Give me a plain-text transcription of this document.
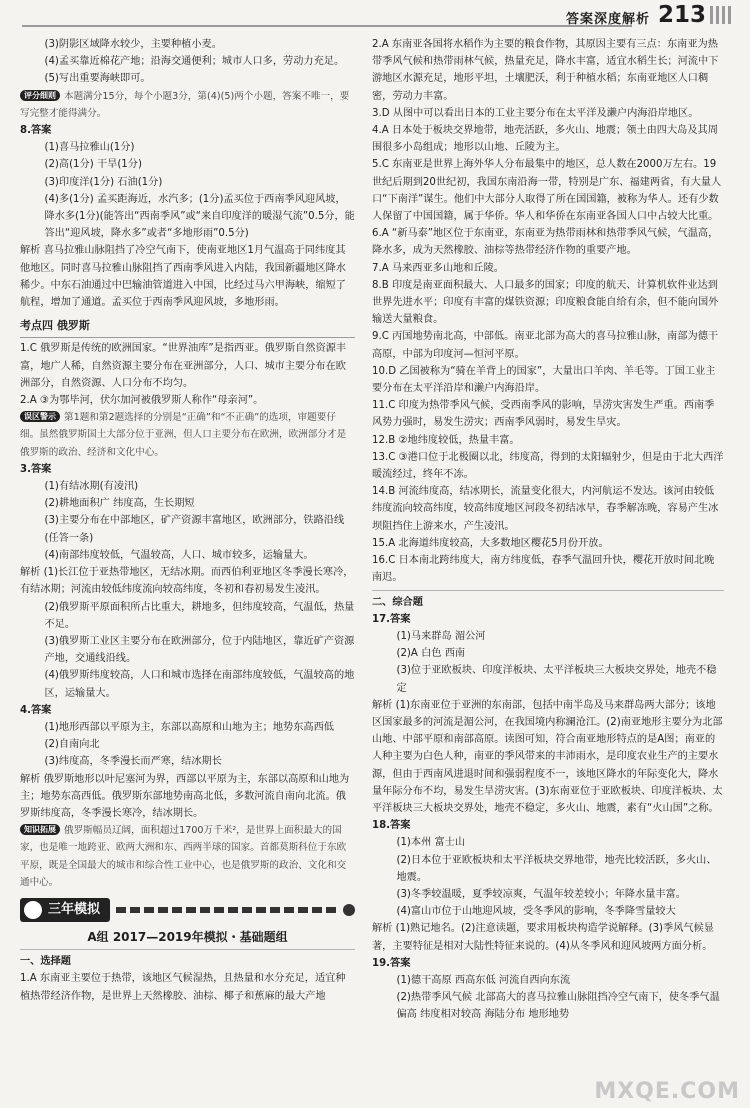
答案深度解析 213

(3)阴影区域降水较少，主要种植小麦。

(4)孟买靠近棉花产地；沿海交通便利；城市人口多，劳动力充足。

(5)写出重要海峡即可。

评分细则 本题满分15分，每个小题3分，第(4)(5)两个小题，答案不唯一，要写完整才能得满分。

8.答案

(1)喜马拉雅山(1分)

(2)高(1分) 干旱(1分)

(3)印度洋(1分) 石油(1分)

(4)多(1分) 孟买距海近，水汽多；(1分)孟买位于西南季风迎风坡，降水多(1分)(能答出“西南季风”或“来自印度洋的暖湿气流”0.5分，能答出“迎风坡，降水多”或者“多地形雨”0.5分)

解析 喜马拉雅山脉阻挡了冷空气南下，使南亚地区1月气温高于同纬度其他地区。同时喜马拉雅山脉阻挡了西南季风进入内陆，我国新疆地区降水稀少。中东石油通过中巴输油管道进入中国，比经过马六甲海峡，缩短了航程，增加了通道。孟买位于西南季风迎风坡，多地形雨。

考点四 俄罗斯

1.C 俄罗斯是传统的欧洲国家。“世界油库”是指西亚。俄罗斯自然资源丰富，地广人稀，自然资源主要分布在亚洲部分，人口、城市主要分布在欧洲部分，自然资源、人口分布不均匀。

2.A ③为鄂毕河，伏尔加河被俄罗斯人称作“母亲河”。

误区警示 第1题和第2题选择的分别是“正确”和“不正确”的选项，审题要仔细。虽然俄罗斯国土大部分位于亚洲，但人口主要分布在欧洲，欧洲部分才是俄罗斯的政治、经济和文化中心。

3.答案

(1)有结冰期(有凌汛)

(2)耕地面积广 纬度高，生长期短

(3)主要分布在中部地区，矿产资源丰富地区，欧洲部分，铁路沿线(任答一条)

(4)南部纬度较低，气温较高，人口、城市较多，运输量大。

解析 (1)长江位于亚热带地区，无结冰期。而西伯利亚地区冬季漫长寒冷，有结冰期；河流由较低纬度流向较高纬度，冬初和春初易发生凌汛。

(2)俄罗斯平原面积所占比重大，耕地多，但纬度较高，气温低，热量不足。

(3)俄罗斯工业区主要分布在欧洲部分，位于内陆地区，靠近矿产资源产地，交通线沿线。

(4)俄罗斯纬度较高，人口和城市选择在南部纬度较低，气温较高的地区，运输量大。

4.答案

(1)地形西部以平原为主，东部以高原和山地为主；地势东高西低

(2)自南向北

(3)纬度高，冬季漫长而严寒，结冰期长

解析 俄罗斯地形以叶尼塞河为界，西部以平原为主，东部以高原和山地为主；地势东高西低。俄罗斯东部地势南高北低，多数河流自南向北流。俄罗斯纬度高，冬季漫长寒冷，结冰期长。

知识拓展 俄罗斯幅员辽阔，面积超过1700万千米²，是世界上面积最大的国家，也是唯一地跨亚、欧两大洲和东、西两半球的国家。首都莫斯科位于东欧平原，既是全国最大的城市和综合性工业中心，也是俄罗斯的政治、文化和交通中心。

三年模拟
A组 2017—2019年模拟・基础题组

一、选择题

1.A 东南亚主要位于热带，该地区气候湿热，且热量和水分充足，适宜种植热带经济作物，是世界上天然橡胶、油棕、椰子和蕉麻的最大产地

2.A 东南亚各国将水稻作为主要的粮食作物，其原因主要有三点：东南亚为热带季风气候和热带雨林气候，热量充足，降水丰富，适宜水稻生长；河流中下游地区水源充足，地形平坦，土壤肥沃，利于种植水稻；东南亚地区人口稠密，劳动力丰富。

3.D 从图中可以看出日本的工业主要分布在太平洋及濑户内海沿岸地区。

4.A 日本处于板块交界地带，地壳活跃，多火山、地震；领土由四大岛及其周围很多小岛组成；地形以山地、丘陵为主。

5.C 东南亚是世界上海外华人分布最集中的地区，总人数在2000万左右。19世纪后期到20世纪初，我国东南沿海一带，特别是广东、福建两省，有大量人口“下南洋”谋生。他们中大部分人取得了所在国国籍，被称为华人。还有少数人保留了中国国籍，属于华侨。华人和华侨在东南亚各国人口中占较大比重。

6.A “新马泰”地区位于东南亚，东南亚为热带雨林和热带季风气候，气温高，降水多，成为天然橡胶、油棕等热带经济作物的重要产地。

7.A 马来西亚多山地和丘陵。

8.B 印度是南亚面积最大、人口最多的国家；印度的航天、计算机软件业达到世界先进水平；印度有丰富的煤铁资源；印度粮食能自给有余，但不能向国外输送大量粮食。

9.C 丙国地势南北高，中部低。南亚北部为高大的喜马拉雅山脉，南部为德干高原，中部为印度河—恒河平原。

10.D 乙国被称为“骑在羊背上的国家”，大量出口羊肉、羊毛等。丁国工业主要分布在太平洋沿岸和濑户内海沿岸。

11.C 印度为热带季风气候，受西南季风的影响，旱涝灾害发生严重。西南季风势力强时，易发生涝灾；西南季风弱时，易发生旱灾。

12.B ②地纬度较低，热量丰富。

13.C ③港口位于北极圈以北，纬度高，得到的太阳辐射少，但是由于北大西洋暖流经过，终年不冻。

14.B 河流纬度高，结冰期长，流量变化很大，内河航运不发达。该河由较低纬度流向较高纬度，较高纬度地区河段冬初结冰早，春季解冻晚，容易产生冰坝阻挡住上游来水，产生凌汛。

15.A 北海道纬度较高，大多数地区樱花5月份开放。

16.C 日本南北跨纬度大，南方纬度低，春季气温回升快，樱花开放时间北晚南迟。

二、综合题

17.答案

(1)马来群岛 湄公河

(2)A 白色 西南

(3)位于亚欧板块、印度洋板块、太平洋板块三大板块交界处，地壳不稳定

解析 (1)东南亚位于亚洲的东南部，包括中南半岛及马来群岛两大部分；该地区国家最多的河流是湄公河，在我国境内称澜沧江。(2)南亚地形主要分为北部山地、中部平原和南部高原。读图可知，符合南亚地形特点的是A图；南亚的人种主要为白色人种，南亚的季风带来的丰沛雨水，是印度农业生产的主要水源，但由于西南风进退时间和强弱程度不一，该地区降水的年际变化大，降水量年际分布不均，易发生旱涝灾害。(3)东南亚位于亚欧板块、印度洋板块、太平洋板块三大板块交界处，地壳不稳定，多火山、地震，素有“火山国”之称。

18.答案

(1)本州 富士山

(2)日本位于亚欧板块和太平洋板块交界地带，地壳比较活跃，多火山、地震。

(3)冬季较温暖，夏季较凉爽，气温年较差较小；年降水量丰富。

(4)富山市位于山地迎风坡，受冬季风的影响，冬季降雪量较大

解析 (1)熟记地名。(2)注意读题，要求用板块构造学说解释。(3)季风气候显著，主要特征是相对大陆性特征来说的。(4)从冬季风和迎风坡两方面分析。

19.答案

(1)德干高原 西高东低 河流自西向东流

(2)热带季风气候 北部高大的喜马拉雅山脉阻挡冷空气南下，使冬季气温偏高 纬度相对较高 海陆分布 地形地势

MXQE.COM
